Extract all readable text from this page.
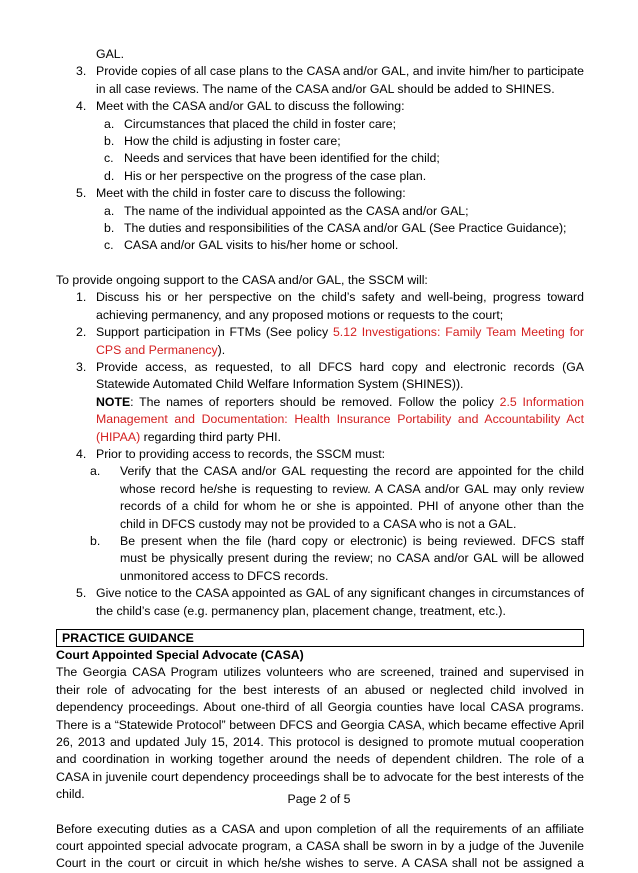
GAL.
3. Provide copies of all case plans to the CASA and/or GAL, and invite him/her to participate
in all case reviews. The name of the CASA and/or GAL should be added to SHINES.
4. Meet with the CASA and/or GAL to discuss the following:
a. Circumstances that placed the child in foster care;
b. How the child is adjusting in foster care;
c. Needs and services that have been identified for the child;
d. His or her perspective on the progress of the case plan.
5. Meet with the child in foster care to discuss the following:
a. The name of the individual appointed as the CASA and/or GAL;
b. The duties and responsibilities of the CASA and/or GAL (See Practice Guidance);
c. CASA and/or GAL visits to his/her home or school.
To provide ongoing support to the CASA and/or GAL, the SSCM will:
1. Discuss his or her perspective on the child’s safety and well-being, progress toward
achieving permanency, and any proposed motions or requests to the court;
2. Support participation in FTMs (See policy 5.12 Investigations: Family Team Meeting for
CPS and Permanency).
3. Provide access, as requested, to all DFCS hard copy and electronic records (GA
Statewide Automated Child Welfare Information System (SHINES)).
NOTE: The names of reporters should be removed. Follow the policy 2.5 Information
Management and Documentation: Health Insurance Portability and Accountability Act
(HIPAA) regarding third party PHI.
4. Prior to providing access to records, the SSCM must:
a. Verify that the CASA and/or GAL requesting the record are appointed for the child
whose record he/she is requesting to review. A CASA and/or GAL may only review
records of a child for whom he or she is appointed. PHI of anyone other than the
child in DFCS custody may not be provided to a CASA who is not a GAL.
b. Be present when the file (hard copy or electronic) is being reviewed. DFCS staff
must be physically present during the review; no CASA and/or GAL will be allowed
unmonitored access to DFCS records.
5. Give notice to the CASA appointed as GAL of any significant changes in circumstances of
the child’s case (e.g. permanency plan, placement change, treatment, etc.).
PRACTICE GUIDANCE
Court Appointed Special Advocate (CASA)
The Georgia CASA Program utilizes volunteers who are screened, trained and supervised in
their role of advocating for the best interests of an abused or neglected child involved in
dependency proceedings. About one-third of all Georgia counties have local CASA programs.
There is a “Statewide Protocol” between DFCS and Georgia CASA, which became effective April
26, 2013 and updated July 15, 2014. This protocol is designed to promote mutual cooperation
and coordination in working together around the needs of dependent children. The role of a
CASA in juvenile court dependency proceedings shall be to advocate for the best interests of the
child.
Before executing duties as a CASA and upon completion of all the requirements of an affiliate
court appointed special advocate program, a CASA shall be sworn in by a judge of the Juvenile
Court in the court or circuit in which he/she wishes to serve. A CASA shall not be assigned a
Page 2 of 5
